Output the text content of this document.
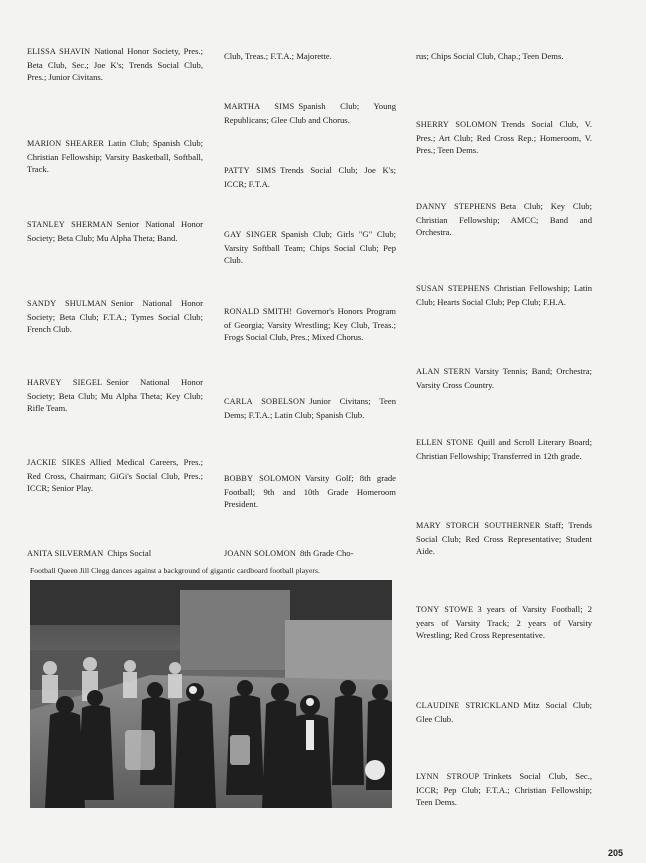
ELISSA SHAVIN National Honor Society, Pres.; Beta Club, Sec.; Joe K's; Trends Social Club, Pres.; Junior Civitans.
MARION SHEARER Latin Club; Spanish Club; Christian Fellowship; Varsity Basketball, Softball, Track.
STANLEY SHERMAN Senior National Honor Society; Beta Club; Mu Alpha Theta; Band.
SANDY SHULMAN Senior National Honor Society; Beta Club; F.T.A.; Tymes Social Club; French Club.
HARVEY SIEGEL Senior National Honor Society; Beta Club; Mu Alpha Theta; Key Club; Rifle Team.
JACKIE SIKES Allied Medical Careers, Pres.; Red Cross, Chairman; GiGi's Social Club, Pres.; ICCR; Senior Play.
ANITA SILVERMAN Chips Social
Club, Treas.; F.T.A.; Majorette.
MARTHA SIMS Spanish Club; Young Republicans; Glee Club and Chorus.
PATTY SIMS Trends Social Club; Joe K's; ICCR; F.T.A.
GAY SINGER Spanish Club; Girls "G" Club; Varsity Softball Team; Chips Social Club; Pep Club.
RONALD SMITH! Governor's Honors Program of Georgia; Varsity Wrestling; Key Club, Treas.; Frogs Social Club, Pres.; Mixed Chorus.
CARLA SOBELSON Junior Civitans; Teen Dems; F.T.A.; Latin Club; Spanish Club.
BOBBY SOLOMON Varsity Golf; 8th grade Football; 9th and 10th Grade Homeroom President.
JOANN SOLOMON 8th Grade Cho-
rus; Chips Social Club, Chap.; Teen Dems.
SHERRY SOLOMON Trends Social Club, V. Pres.; Art Club; Red Cross Rep.; Homeroom, V. Pres.; Teen Dems.
DANNY STEPHENS Beta Club; Key Club; Christian Fellowship; AMCC; Band and Orchestra.
SUSAN STEPHENS Christian Fellowship; Latin Club; Hearts Social Club; Pep Club; F.H.A.
ALAN STERN Varsity Tennis; Band; Orchestra; Varsity Cross Country.
ELLEN STONE Quill and Scroll Literary Board; Christian Fellowship; Transferred in 12th grade.
MARY STORCH SOUTHERNER Staff; Trends Social Club; Red Cross Representative; Student Aide.
TONY STOWE 3 years of Varsity Football; 2 years of Varsity Track; 2 years of Varsity Wrestling; Red Cross Representative.
CLAUDINE STRICKLAND Mitz Social Club; Glee Club.
LYNN STROUP Trinkets Social Club, Sec., ICCR; Pep Club; F.T.A.; Christian Fellowship; Teen Dems.
Football Queen Jill Clegg dances against a background of gigantic cardboard football players.
205
